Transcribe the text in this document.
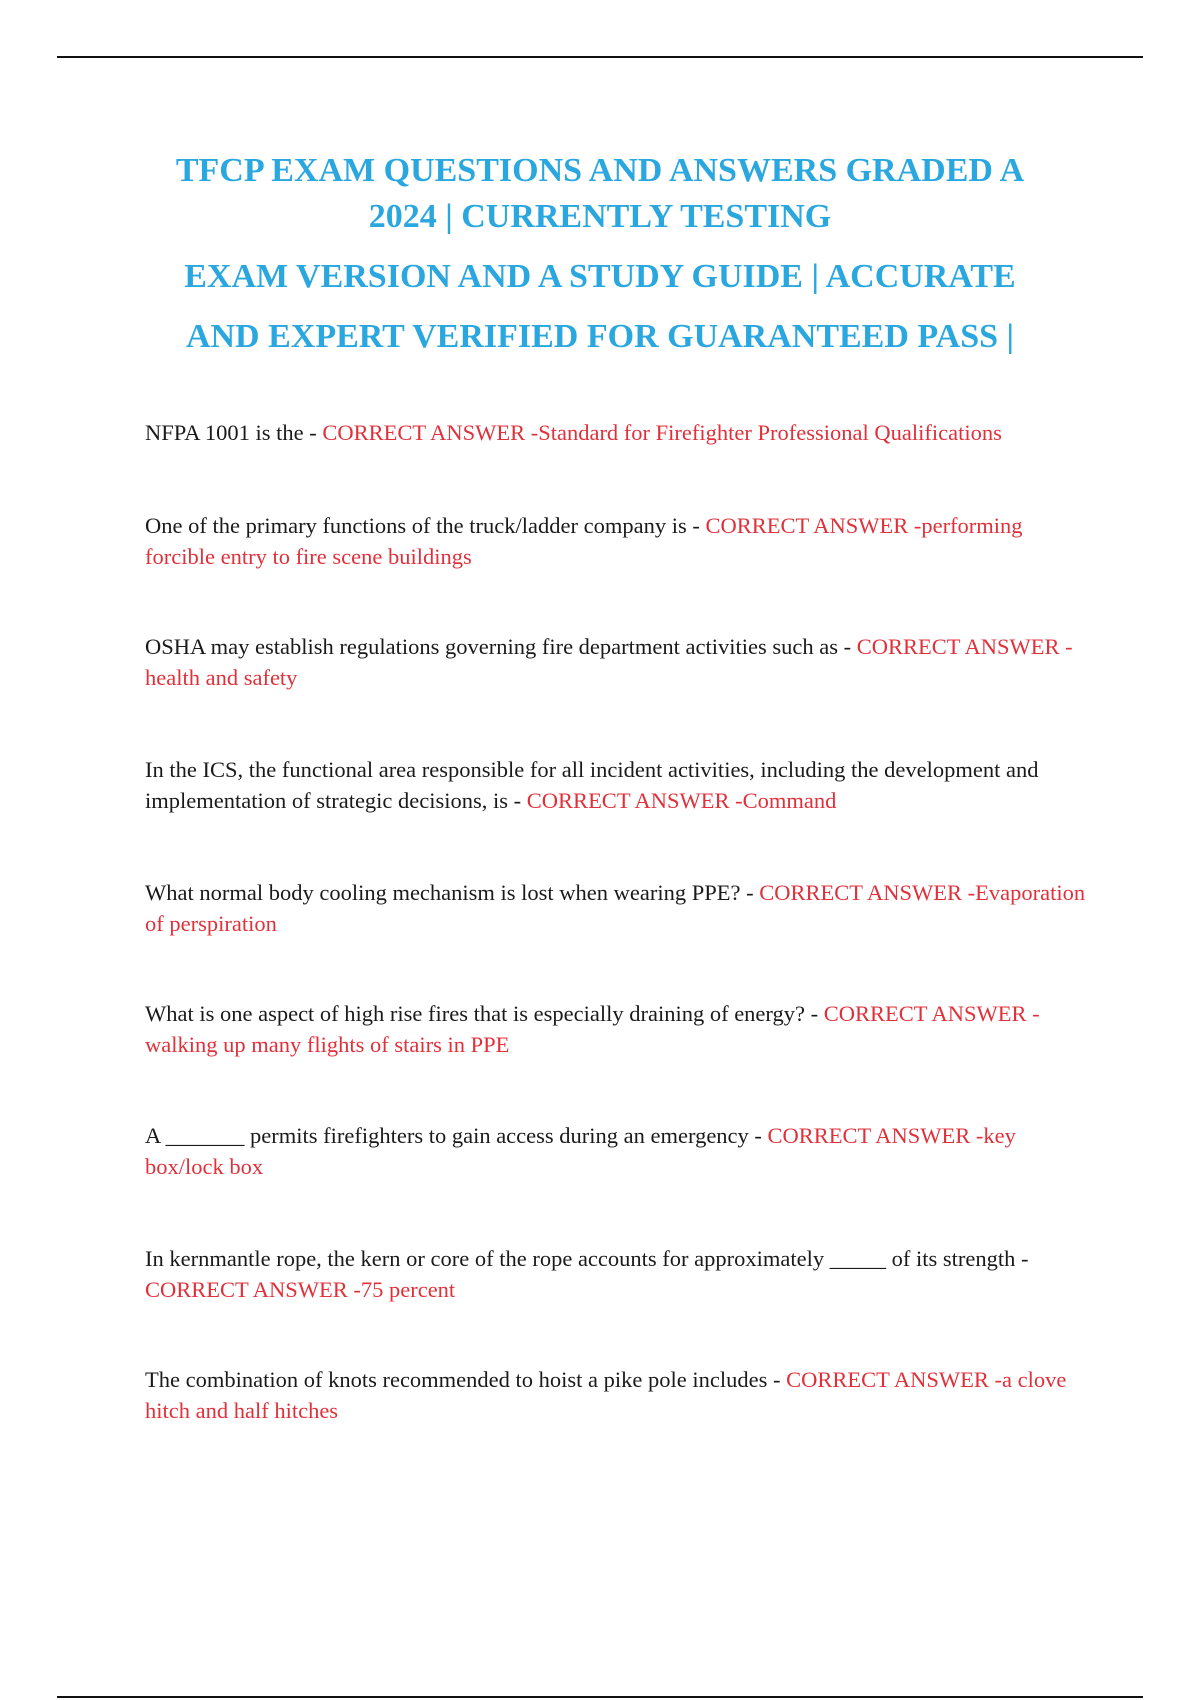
TFCP EXAM QUESTIONS AND ANSWERS GRADED A
2024 | CURRENTLY TESTING
EXAM VERSION AND A STUDY GUIDE | ACCURATE
AND EXPERT VERIFIED FOR GUARANTEED PASS |
NFPA 1001 is the - CORRECT ANSWER -Standard for Firefighter Professional Qualifications
One of the primary functions of the truck/ladder company is - CORRECT ANSWER -performing forcible entry to fire scene buildings
OSHA may establish regulations governing fire department activities such as - CORRECT ANSWER -health and safety
In the ICS, the functional area responsible for all incident activities, including the development and implementation of strategic decisions, is - CORRECT ANSWER -Command
What normal body cooling mechanism is lost when wearing PPE? - CORRECT ANSWER -Evaporation of perspiration
What is one aspect of high rise fires that is especially draining of energy? - CORRECT ANSWER -walking up many flights of stairs in PPE
A _______ permits firefighters to gain access during an emergency - CORRECT ANSWER -key box/lock box
In kernmantle rope, the kern or core of the rope accounts for approximately _____ of its strength - CORRECT ANSWER -75 percent
The combination of knots recommended to hoist a pike pole includes - CORRECT ANSWER -a clove hitch and half hitches
